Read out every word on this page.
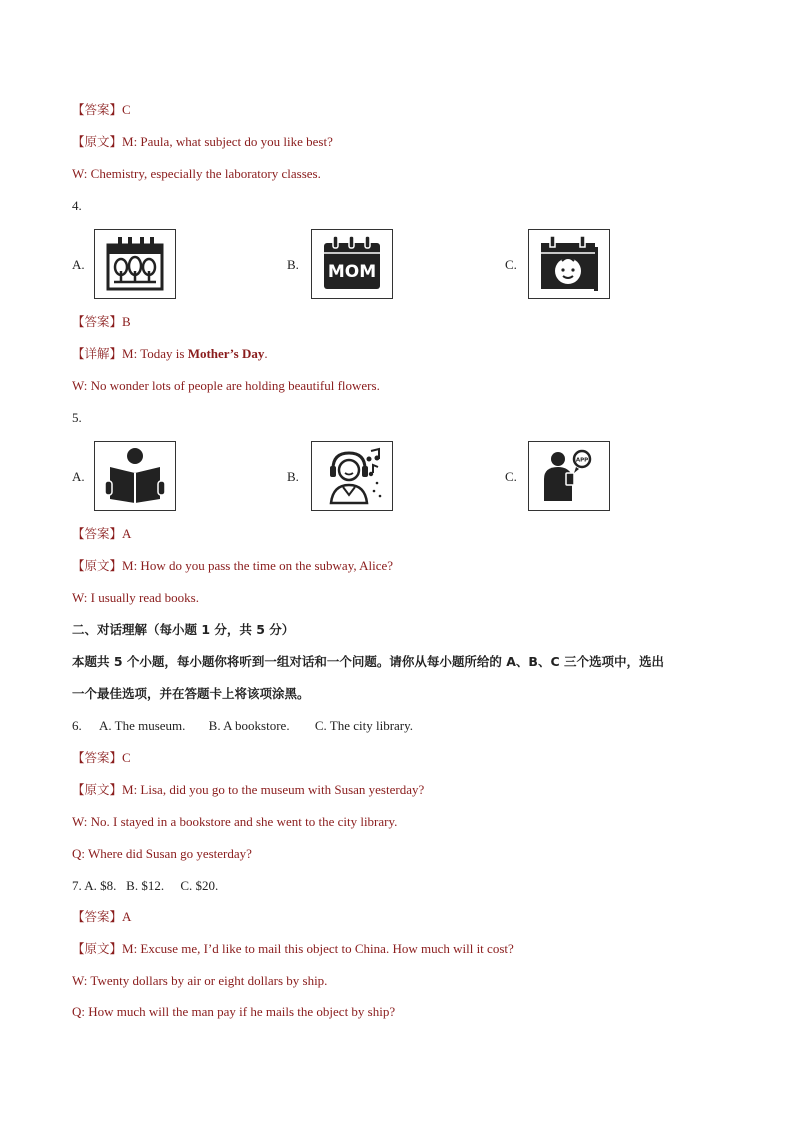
【答案】C
【原文】M: Paula, what subject do you like best?
W: Chemistry, especially the laboratory classes.
4.
A.	B. MOM	C.
【答案】B
【详解】M: Today is Mother’s Day.
W: No wonder lots of people are holding beautiful flowers.
5.
A.	B.	C.
APP
【答案】A
【原文】M: How do you pass the time on the subway, Alice?
W: I usually read books.
二、对话理解（每小题 1 分，共 5 分）
本题共 5 个小题，每小题你将听到一组对话和一个问题。请你从每小题所给的 A、B、C 三个选项中，选出
一个最佳选项，并在答题卡上将该项涂黑。
6. A. The museum. B. A bookstore. C. The city library.
【答案】C
【原文】M: Lisa, did you go to the museum with Susan yesterday?
W: No. I stayed in a bookstore and she went to the city library.
Q: Where did Susan go yesterday?
7. A. $8.   B. $12.     C. $20.
【答案】A
【原文】M: Excuse me, I’d like to mail this object to China. How much will it cost?
W: Twenty dollars by air or eight dollars by ship.
Q: How much will the man pay if he mails the object by ship?
